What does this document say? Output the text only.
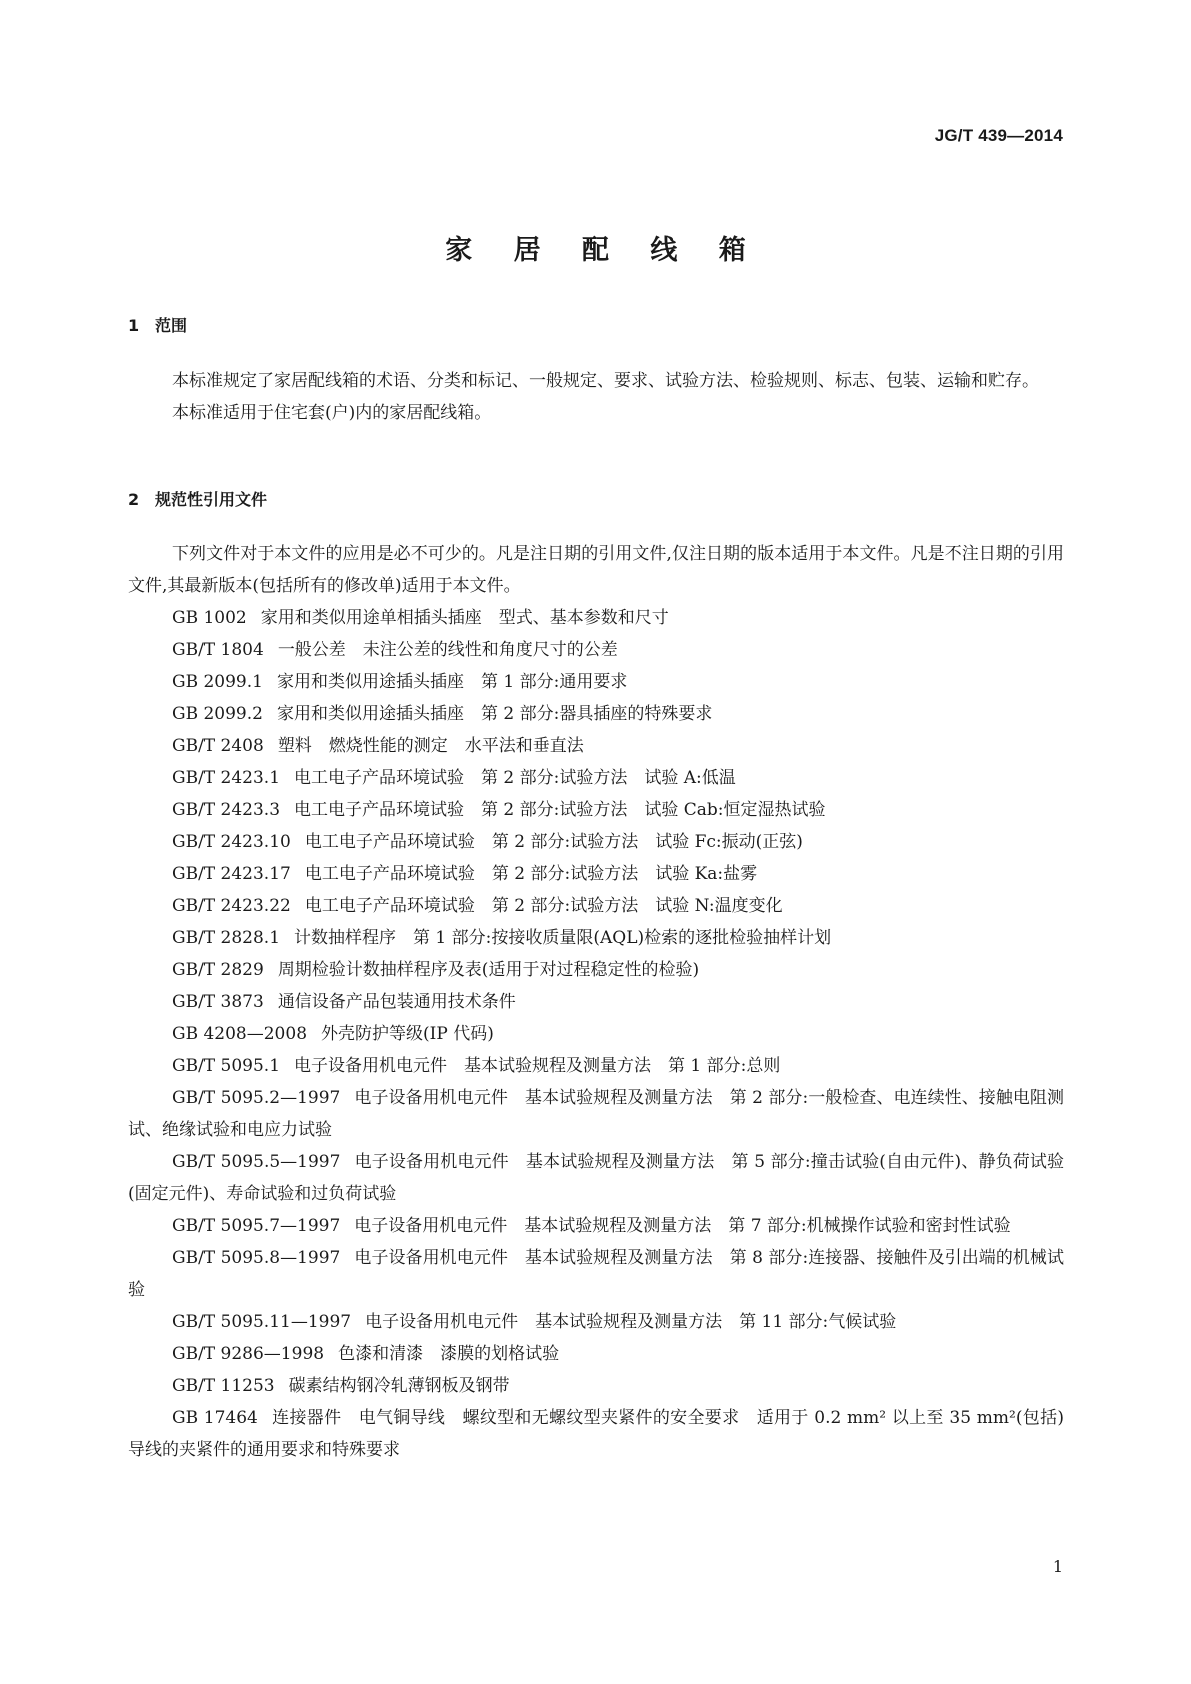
JG/T 439—2014
家 居 配 线 箱
1 范围

本标准规定了家居配线箱的术语、分类和标记、一般规定、要求、试验方法、检验规则、标志、包装、运输和贮存。

本标准适用于住宅套(户)内的家居配线箱。

2 规范性引用文件

下列文件对于本文件的应用是必不可少的。凡是注日期的引用文件,仅注日期的版本适用于本文件。凡是不注日期的引用文件,其最新版本(包括所有的修改单)适用于本文件。

GB 1002 家用和类似用途单相插头插座　型式、基本参数和尺寸
GB/T 1804 一般公差　未注公差的线性和角度尺寸的公差
GB 2099.1 家用和类似用途插头插座　第 1 部分:通用要求
GB 2099.2 家用和类似用途插头插座　第 2 部分:器具插座的特殊要求
GB/T 2408 塑料　燃烧性能的测定　水平法和垂直法
GB/T 2423.1 电工电子产品环境试验　第 2 部分:试验方法　试验 A:低温
GB/T 2423.3 电工电子产品环境试验　第 2 部分:试验方法　试验 Cab:恒定湿热试验
GB/T 2423.10 电工电子产品环境试验　第 2 部分:试验方法　试验 Fc:振动(正弦)
GB/T 2423.17 电工电子产品环境试验　第 2 部分:试验方法　试验 Ka:盐雾
GB/T 2423.22 电工电子产品环境试验　第 2 部分:试验方法　试验 N:温度变化
GB/T 2828.1 计数抽样程序　第 1 部分:按接收质量限(AQL)检索的逐批检验抽样计划
GB/T 2829 周期检验计数抽样程序及表(适用于对过程稳定性的检验)
GB/T 3873 通信设备产品包装通用技术条件
GB 4208—2008 外壳防护等级(IP 代码)
GB/T 5095.1 电子设备用机电元件　基本试验规程及测量方法　第 1 部分:总则
GB/T 5095.2—1997 电子设备用机电元件　基本试验规程及测量方法　第 2 部分:一般检查、电连续性、接触电阻测试、绝缘试验和电应力试验
GB/T 5095.5—1997 电子设备用机电元件　基本试验规程及测量方法　第 5 部分:撞击试验(自由元件)、静负荷试验(固定元件)、寿命试验和过负荷试验
GB/T 5095.7—1997 电子设备用机电元件　基本试验规程及测量方法　第 7 部分:机械操作试验和密封性试验
GB/T 5095.8—1997 电子设备用机电元件　基本试验规程及测量方法　第 8 部分:连接器、接触件及引出端的机械试验
GB/T 5095.11—1997 电子设备用机电元件　基本试验规程及测量方法　第 11 部分:气候试验
GB/T 9286—1998 色漆和清漆　漆膜的划格试验
GB/T 11253 碳素结构钢冷轧薄钢板及钢带
GB 17464 连接器件　电气铜导线　螺纹型和无螺纹型夹紧件的安全要求　适用于 0.2 mm² 以上至 35 mm²(包括)导线的夹紧件的通用要求和特殊要求
1
